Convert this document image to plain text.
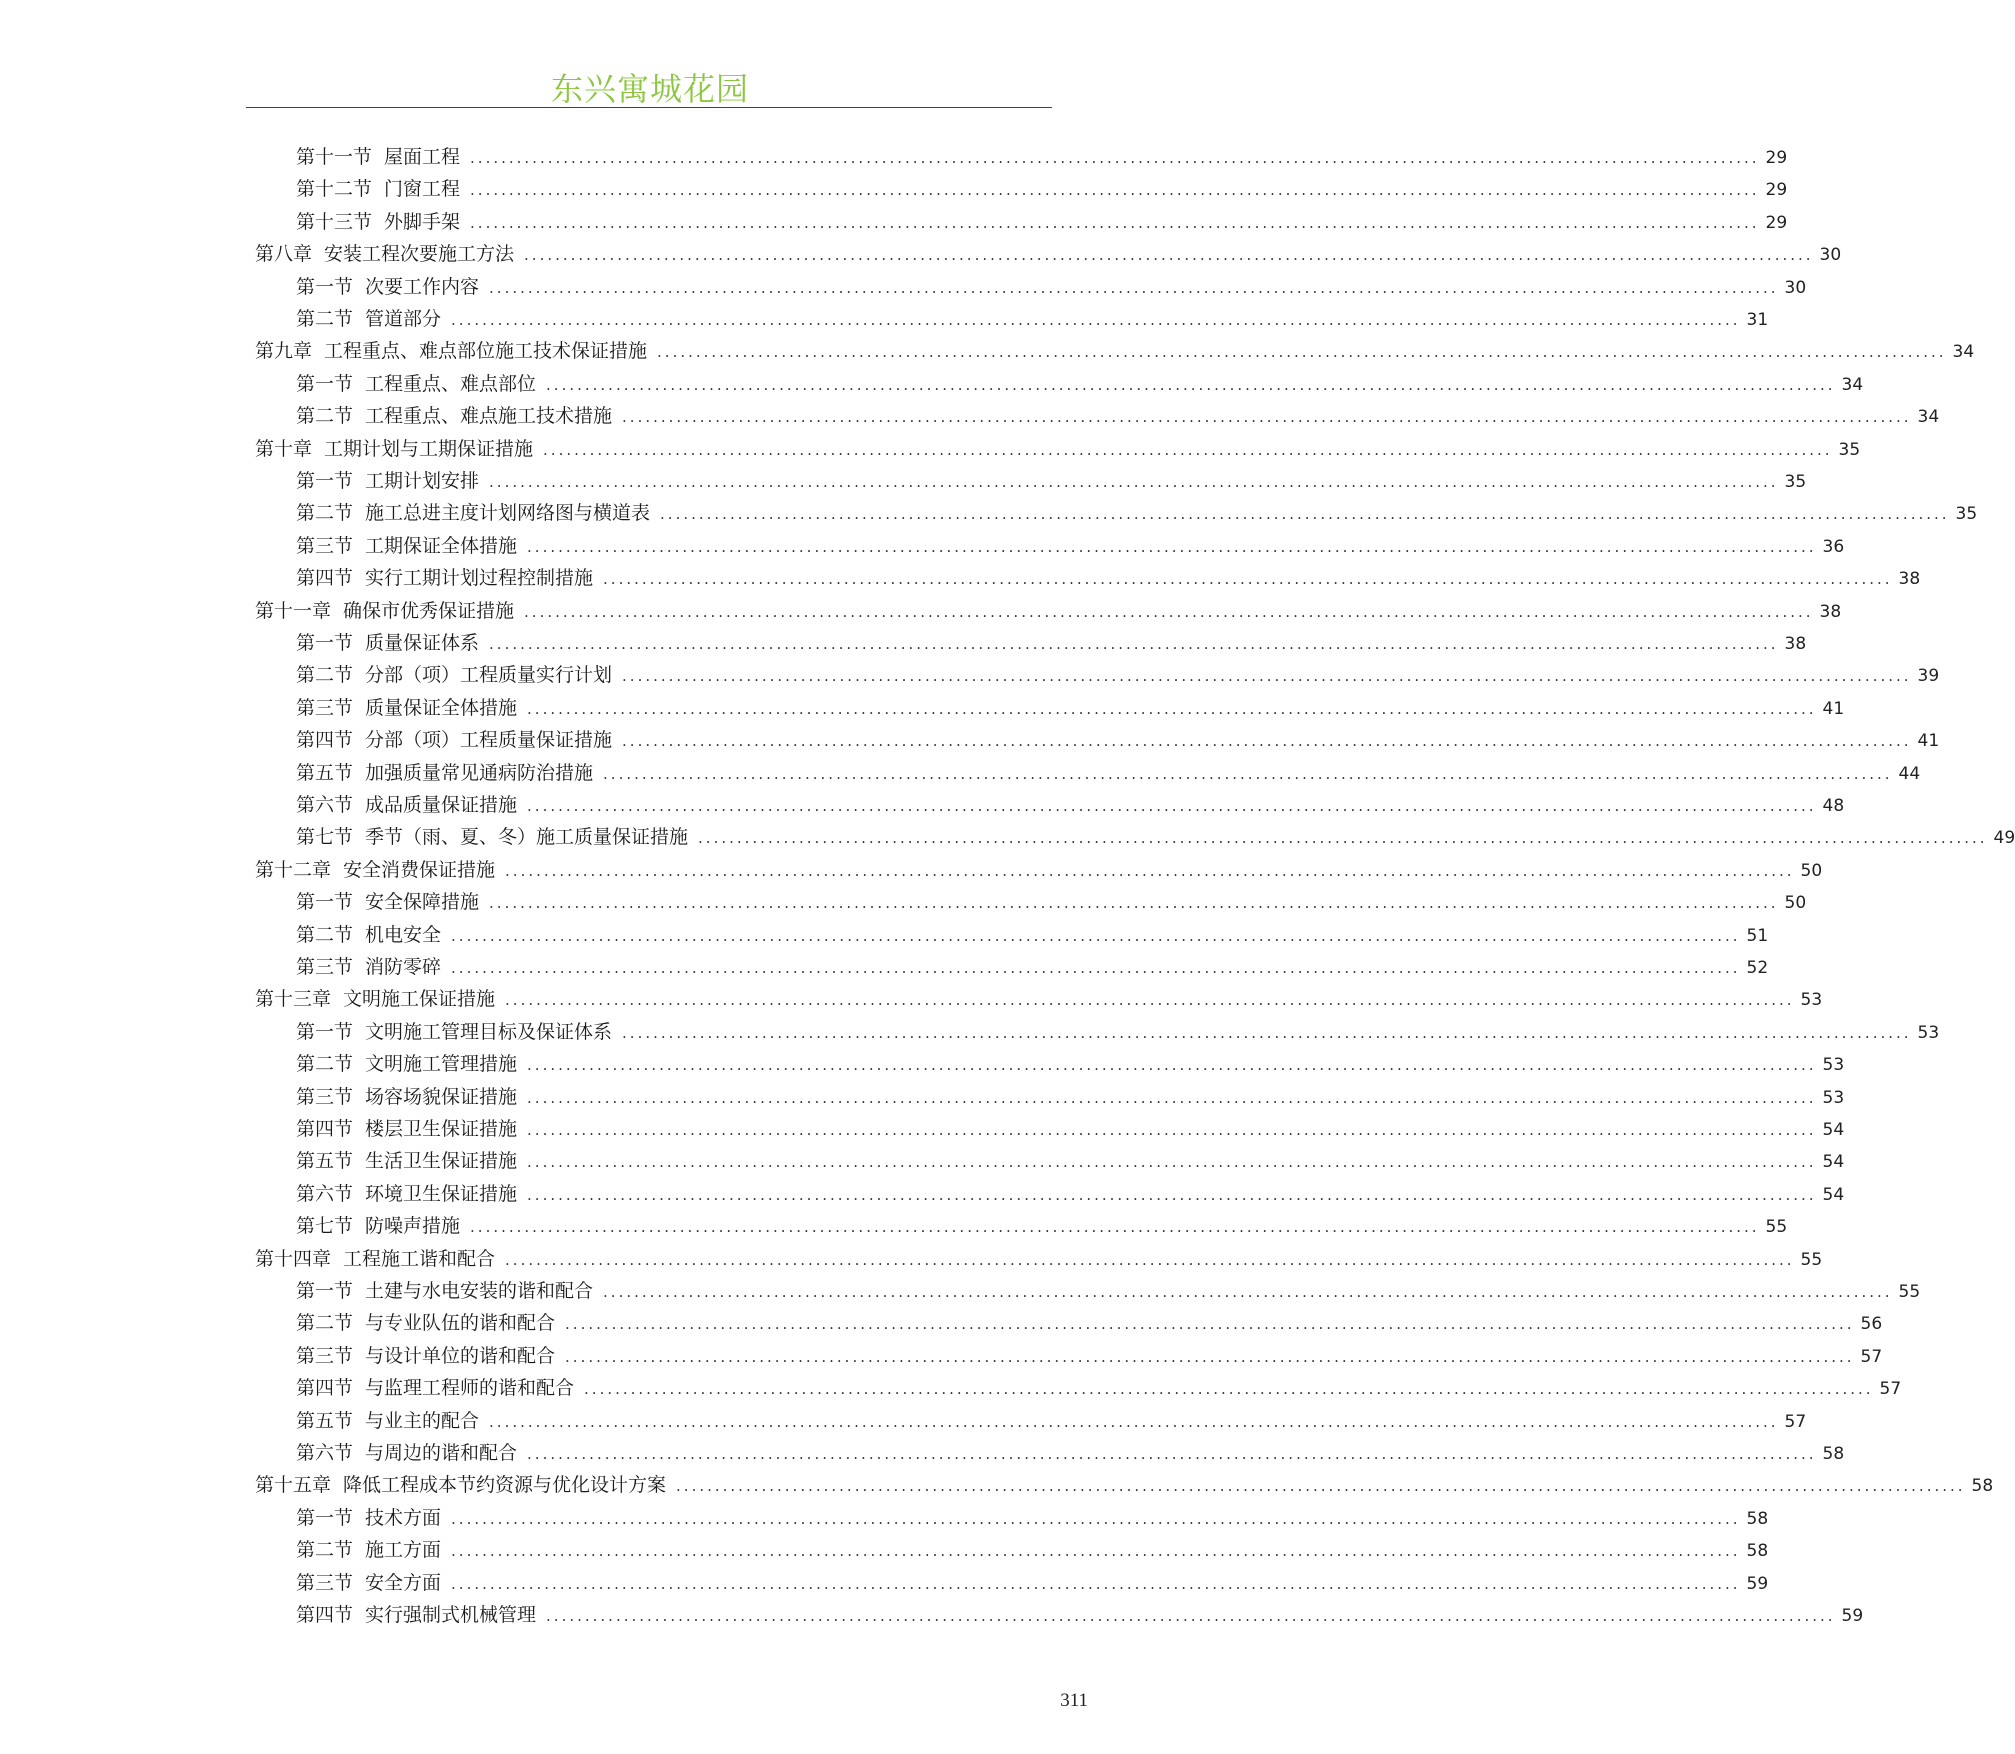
东兴寓城花园
第十一节 屋面工程 ...................................................................................................................................................................... 29
第十二节 门窗工程 ...................................................................................................................................................................... 29
第十三节 外脚手架 ...................................................................................................................................................................... 29
第八章 安装工程次要施工方法 ...................................................................................................................................................................... 30
第一节 次要工作内容 ...................................................................................................................................................................... 30
第二节 管道部分 ...................................................................................................................................................................... 31
第九章 工程重点、难点部位施工技术保证措施 ...................................................................................................................................................................... 34
第一节 工程重点、难点部位 ...................................................................................................................................................................... 34
第二节 工程重点、难点施工技术措施 ...................................................................................................................................................................... 34
第十章 工期计划与工期保证措施 ...................................................................................................................................................................... 35
第一节 工期计划安排 ...................................................................................................................................................................... 35
第二节 施工总进主度计划网络图与横道表 ...................................................................................................................................................................... 35
第三节 工期保证全体措施 ...................................................................................................................................................................... 36
第四节 实行工期计划过程控制措施 ...................................................................................................................................................................... 38
第十一章 确保市优秀保证措施 ...................................................................................................................................................................... 38
第一节 质量保证体系 ...................................................................................................................................................................... 38
第二节 分部（项）工程质量实行计划 ...................................................................................................................................................................... 39
第三节 质量保证全体措施 ...................................................................................................................................................................... 41
第四节 分部（项）工程质量保证措施 ...................................................................................................................................................................... 41
第五节 加强质量常见通病防治措施 ...................................................................................................................................................................... 44
第六节 成品质量保证措施 ...................................................................................................................................................................... 48
第七节 季节（雨、夏、冬）施工质量保证措施 ...................................................................................................................................................................... 49
第十二章 安全消费保证措施 ...................................................................................................................................................................... 50
第一节 安全保障措施 ...................................................................................................................................................................... 50
第二节 机电安全 ...................................................................................................................................................................... 51
第三节 消防零碎 ...................................................................................................................................................................... 52
第十三章 文明施工保证措施 ...................................................................................................................................................................... 53
第一节 文明施工管理目标及保证体系 ...................................................................................................................................................................... 53
第二节 文明施工管理措施 ...................................................................................................................................................................... 53
第三节 场容场貌保证措施 ...................................................................................................................................................................... 53
第四节 楼层卫生保证措施 ...................................................................................................................................................................... 54
第五节 生活卫生保证措施 ...................................................................................................................................................................... 54
第六节 环境卫生保证措施 ...................................................................................................................................................................... 54
第七节 防噪声措施 ...................................................................................................................................................................... 55
第十四章 工程施工谐和配合 ...................................................................................................................................................................... 55
第一节 土建与水电安装的谐和配合 ...................................................................................................................................................................... 55
第二节 与专业队伍的谐和配合 ...................................................................................................................................................................... 56
第三节 与设计单位的谐和配合 ...................................................................................................................................................................... 57
第四节 与监理工程师的谐和配合 ...................................................................................................................................................................... 57
第五节 与业主的配合 ...................................................................................................................................................................... 57
第六节 与周边的谐和配合 ...................................................................................................................................................................... 58
第十五章 降低工程成本节约资源与优化设计方案 ...................................................................................................................................................................... 58
第一节 技术方面 ...................................................................................................................................................................... 58
第二节 施工方面 ...................................................................................................................................................................... 58
第三节 安全方面 ...................................................................................................................................................................... 59
第四节 实行强制式机械管理 ...................................................................................................................................................................... 59
311
